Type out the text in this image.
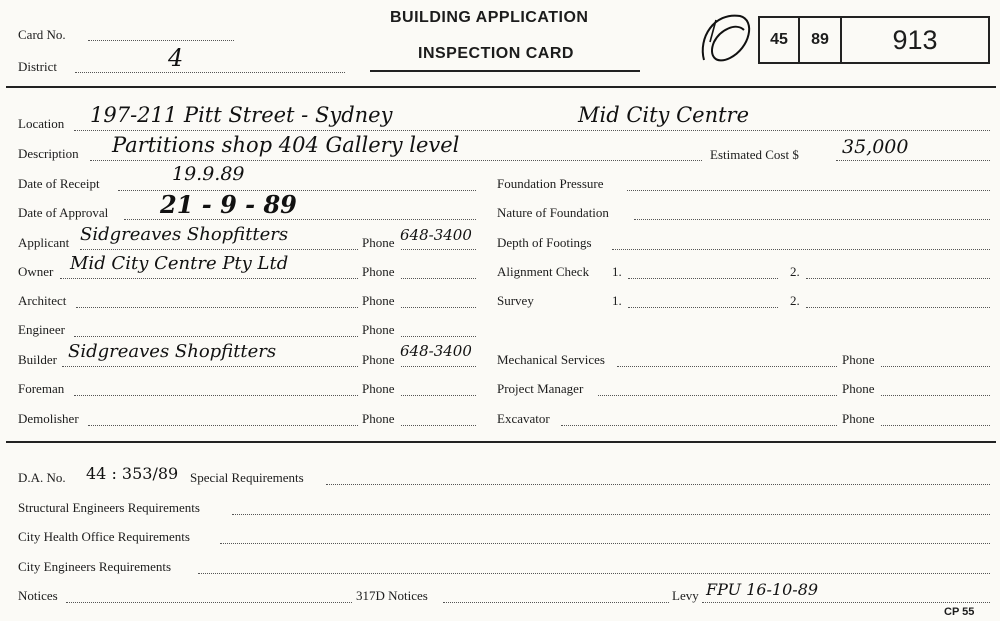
Card No.
District	4
BUILDING APPLICATION
INSPECTION CARD
45	89	913
Location 197-211 Pitt Street - Sydney	Mid City Centre
Description Partitions shop 404 Gallery level	Estimated Cost $ 35,000
Date of Receipt	19.9.89
Date of Approval 21 - 9 - 89
Applicant Sidgreaves Shopfitters	Phone 648-3400
Owner Mid City Centre Pty Ltd	Phone
Architect	Phone
Engineer	Phone
Builder Sidgreaves Shopfitters	Phone 648-3400
Foreman	Phone
Demolisher	Phone
Foundation Pressure
Nature of Foundation
Depth of Footings
Alignment Check 1.	2.
Survey	1.	2.
Mechanical Services	Phone
Project Manager	Phone
Excavator	Phone
D.A. No. 44 : 353/89 Special Requirements
Structural Engineers Requirements
City Health Office Requirements
City Engineers Requirements
Notices	317D Notices	Levy FPU 16-10-89
CP 55
